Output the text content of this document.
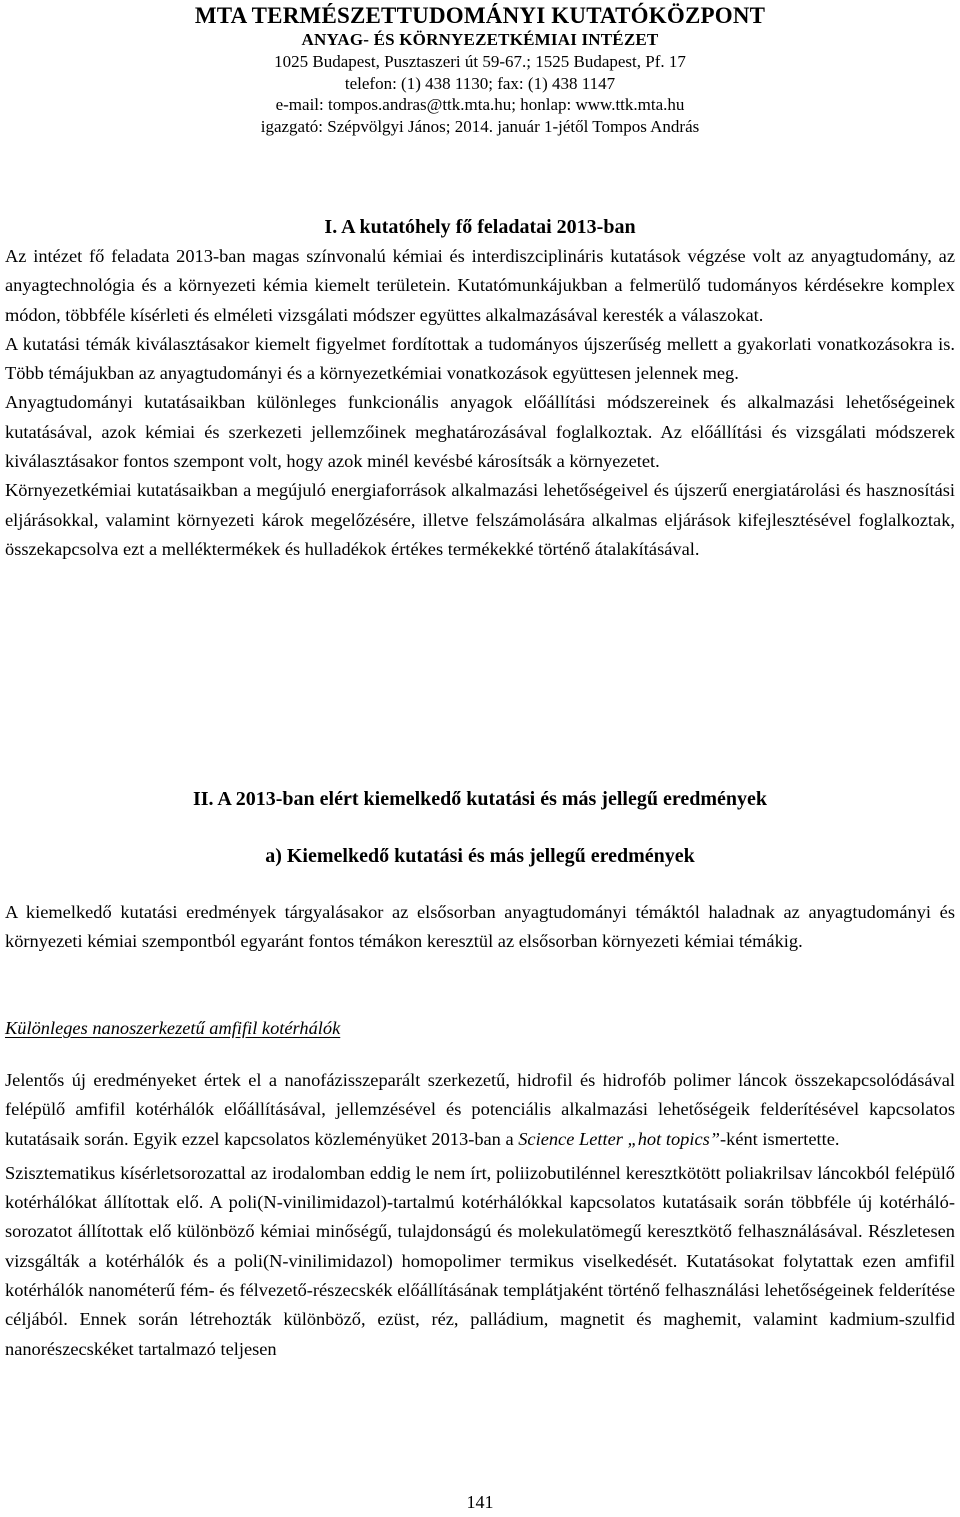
MTA TERMÉSZETTUDOMÁNYI KUTATÓKÖZPONT
ANYAG- ÉS KÖRNYEZETKÉMIAI INTÉZET
1025 Budapest, Pusztaszeri út 59-67.; 1525 Budapest, Pf. 17
telefon: (1) 438 1130; fax: (1) 438 1147
e-mail: tompos.andras@ttk.mta.hu; honlap: www.ttk.mta.hu
igazgató: Szépvölgyi János; 2014. január 1-jétől Tompos András
I. A kutatóhely fő feladatai 2013-ban

Az intézet fő feladata 2013-ban magas színvonalú kémiai és interdiszciplináris kutatások végzése volt az anyagtudomány, az anyagtechnológia és a környezeti kémia kiemelt területein. Kutatómunkájukban a felmerülő tudományos kérdésekre komplex módon, többféle kísérleti és elméleti vizsgálati módszer együttes alkalmazásával keresték a válaszokat.

A kutatási témák kiválasztásakor kiemelt figyelmet fordítottak a tudományos újszerűség mellett a gyakorlati vonatkozásokra is. Több témájukban az anyagtudományi és a környezetkémiai vonatkozások együttesen jelennek meg.

Anyagtudományi kutatásaikban különleges funkcionális anyagok előállítási módszereinek és alkalmazási lehetőségeinek kutatásával, azok kémiai és szerkezeti jellemzőinek meghatározásával foglalkoztak. Az előállítási és vizsgálati módszerek kiválasztásakor fontos szempont volt, hogy azok minél kevésbé károsítsák a környezetet.

Környezetkémiai kutatásaikban a megújuló energiaforrások alkalmazási lehetőségeivel és újszerű energiatárolási és hasznosítási eljárásokkal, valamint környezeti károk megelőzésére, illetve felszámolására alkalmas eljárások kifejlesztésével foglalkoztak, összekapcsolva ezt a melléktermékek és hulladékok értékes termékekké történő átalakításával.

II. A 2013-ban elért kiemelkedő kutatási és más jellegű eredmények
a) Kiemelkedő kutatási és más jellegű eredmények

A kiemelkedő kutatási eredmények tárgyalásakor az elsősorban anyagtudományi témáktól haladnak az anyagtudományi és környezeti kémiai szempontból egyaránt fontos témákon keresztül az elsősorban környezeti kémiai témákig.

Különleges nanoszerkezetű amfifil kotérhálók

Jelentős új eredményeket értek el a nanofázisszeparált szerkezetű, hidrofil és hidrofób polimer láncok összekapcsolódásával felépülő amfifil kotérhálók előállításával, jellemzésével és potenciális alkalmazási lehetőségeik felderítésével kapcsolatos kutatásaik során. Egyik ezzel kapcsolatos közleményüket 2013-ban a Science Letter „hot topics”-ként ismertette.

Szisztematikus kísérletsorozattal az irodalomban eddig le nem írt, poliizobutilénnel keresztkötött poliakrilsav láncokból felépülő kotérhálókat állítottak elő. A poli(N-vinilimidazol)-tartalmú kotérhálókkal kapcsolatos kutatásaik során többféle új kotérháló-sorozatot állítottak elő különböző kémiai minőségű, tulajdonságú és molekulatömegű keresztkötő felhasználásával. Részletesen vizsgálták a kotérhálók és a poli(N-vinilimidazol) homopolimer termikus viselkedését. Kutatásokat folytattak ezen amfifil kotérhálók nanométerű fém- és félvezető-részecskék előállításának templátjaként történő felhasználási lehetőségeinek felderítése céljából. Ennek során létrehozták különböző, ezüst, réz, palládium, magnetit és maghemit, valamint kadmium-szulfid nanorészecskéket tartalmazó teljesen

141
